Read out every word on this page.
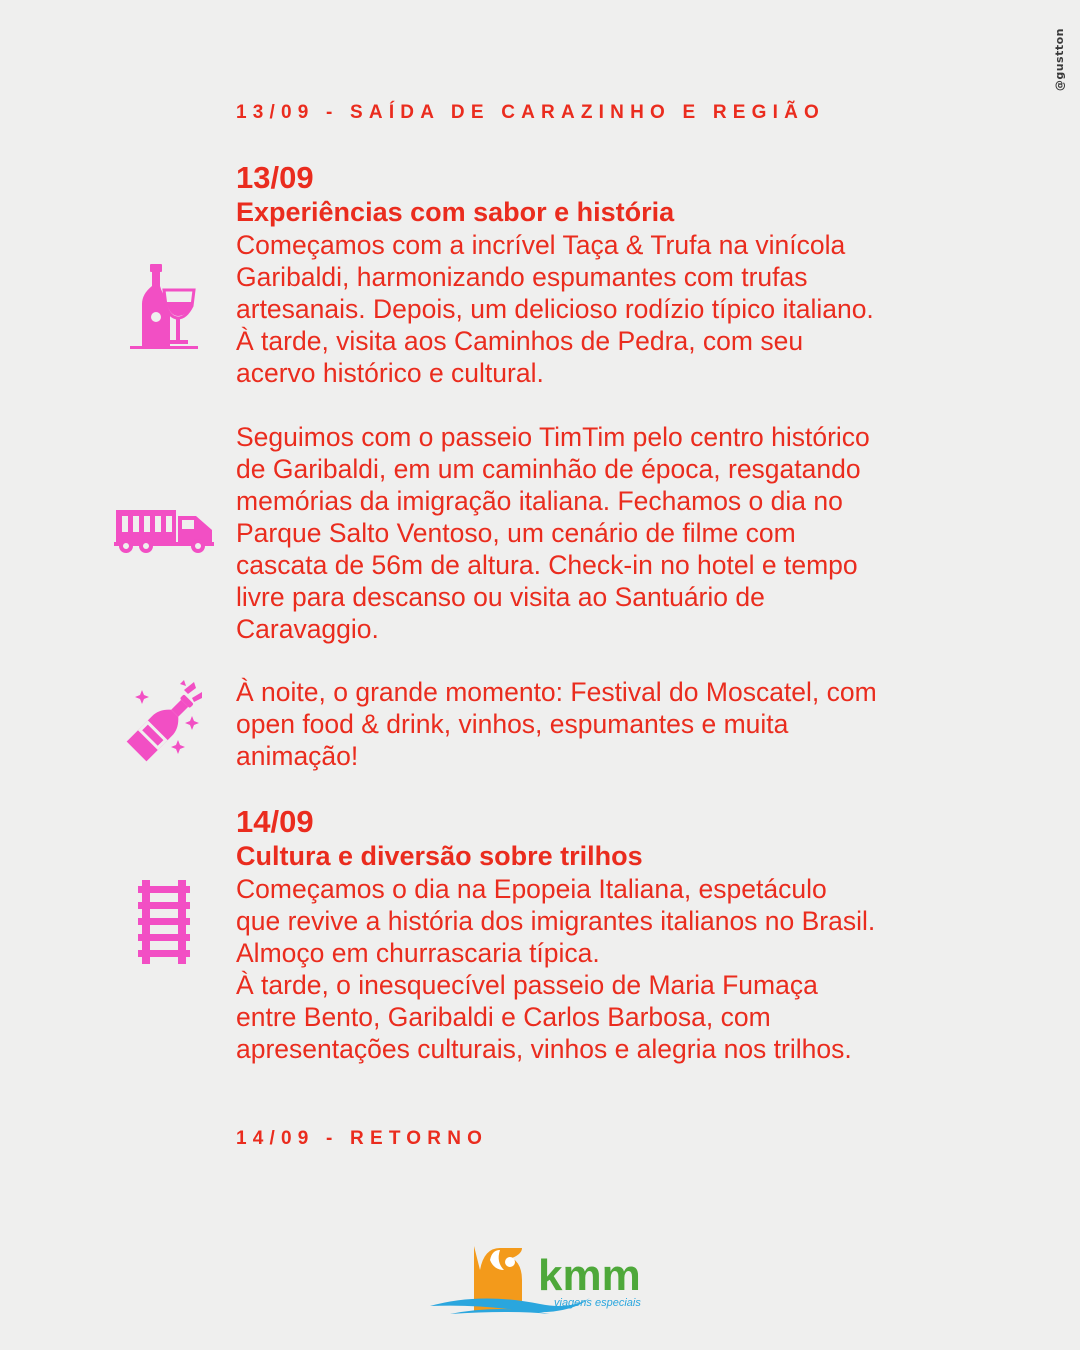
@gustton
13/09 - SAÍDA DE CARAZINHO E REGIÃO
13/09
Experiências com sabor e história
Começamos com a incrível Taça & Trufa na vinícola
Garibaldi, harmonizando espumantes com trufas
artesanais. Depois, um delicioso rodízio típico italiano.
À tarde, visita aos Caminhos de Pedra, com seu
acervo histórico e cultural.
Seguimos com o passeio TimTim pelo centro histórico
de Garibaldi, em um caminhão de época, resgatando
memórias da imigração italiana. Fechamos o dia no
Parque Salto Ventoso, um cenário de filme com
cascata de 56m de altura. Check-in no hotel e tempo
livre para descanso ou visita ao Santuário de
Caravaggio.
À noite, o grande momento: Festival do Moscatel, com
open food & drink, vinhos, espumantes e muita
animação!
14/09
Cultura e diversão sobre trilhos
Começamos o dia na Epopeia Italiana, espetáculo
que revive a história dos imigrantes italianos no Brasil.
Almoço em churrascaria típica.
À tarde, o inesquecível passeio de Maria Fumaça
entre Bento, Garibaldi e Carlos Barbosa, com
apresentações culturais, vinhos e alegria nos trilhos.
14/09 - RETORNO
kmm
viagens especiais
